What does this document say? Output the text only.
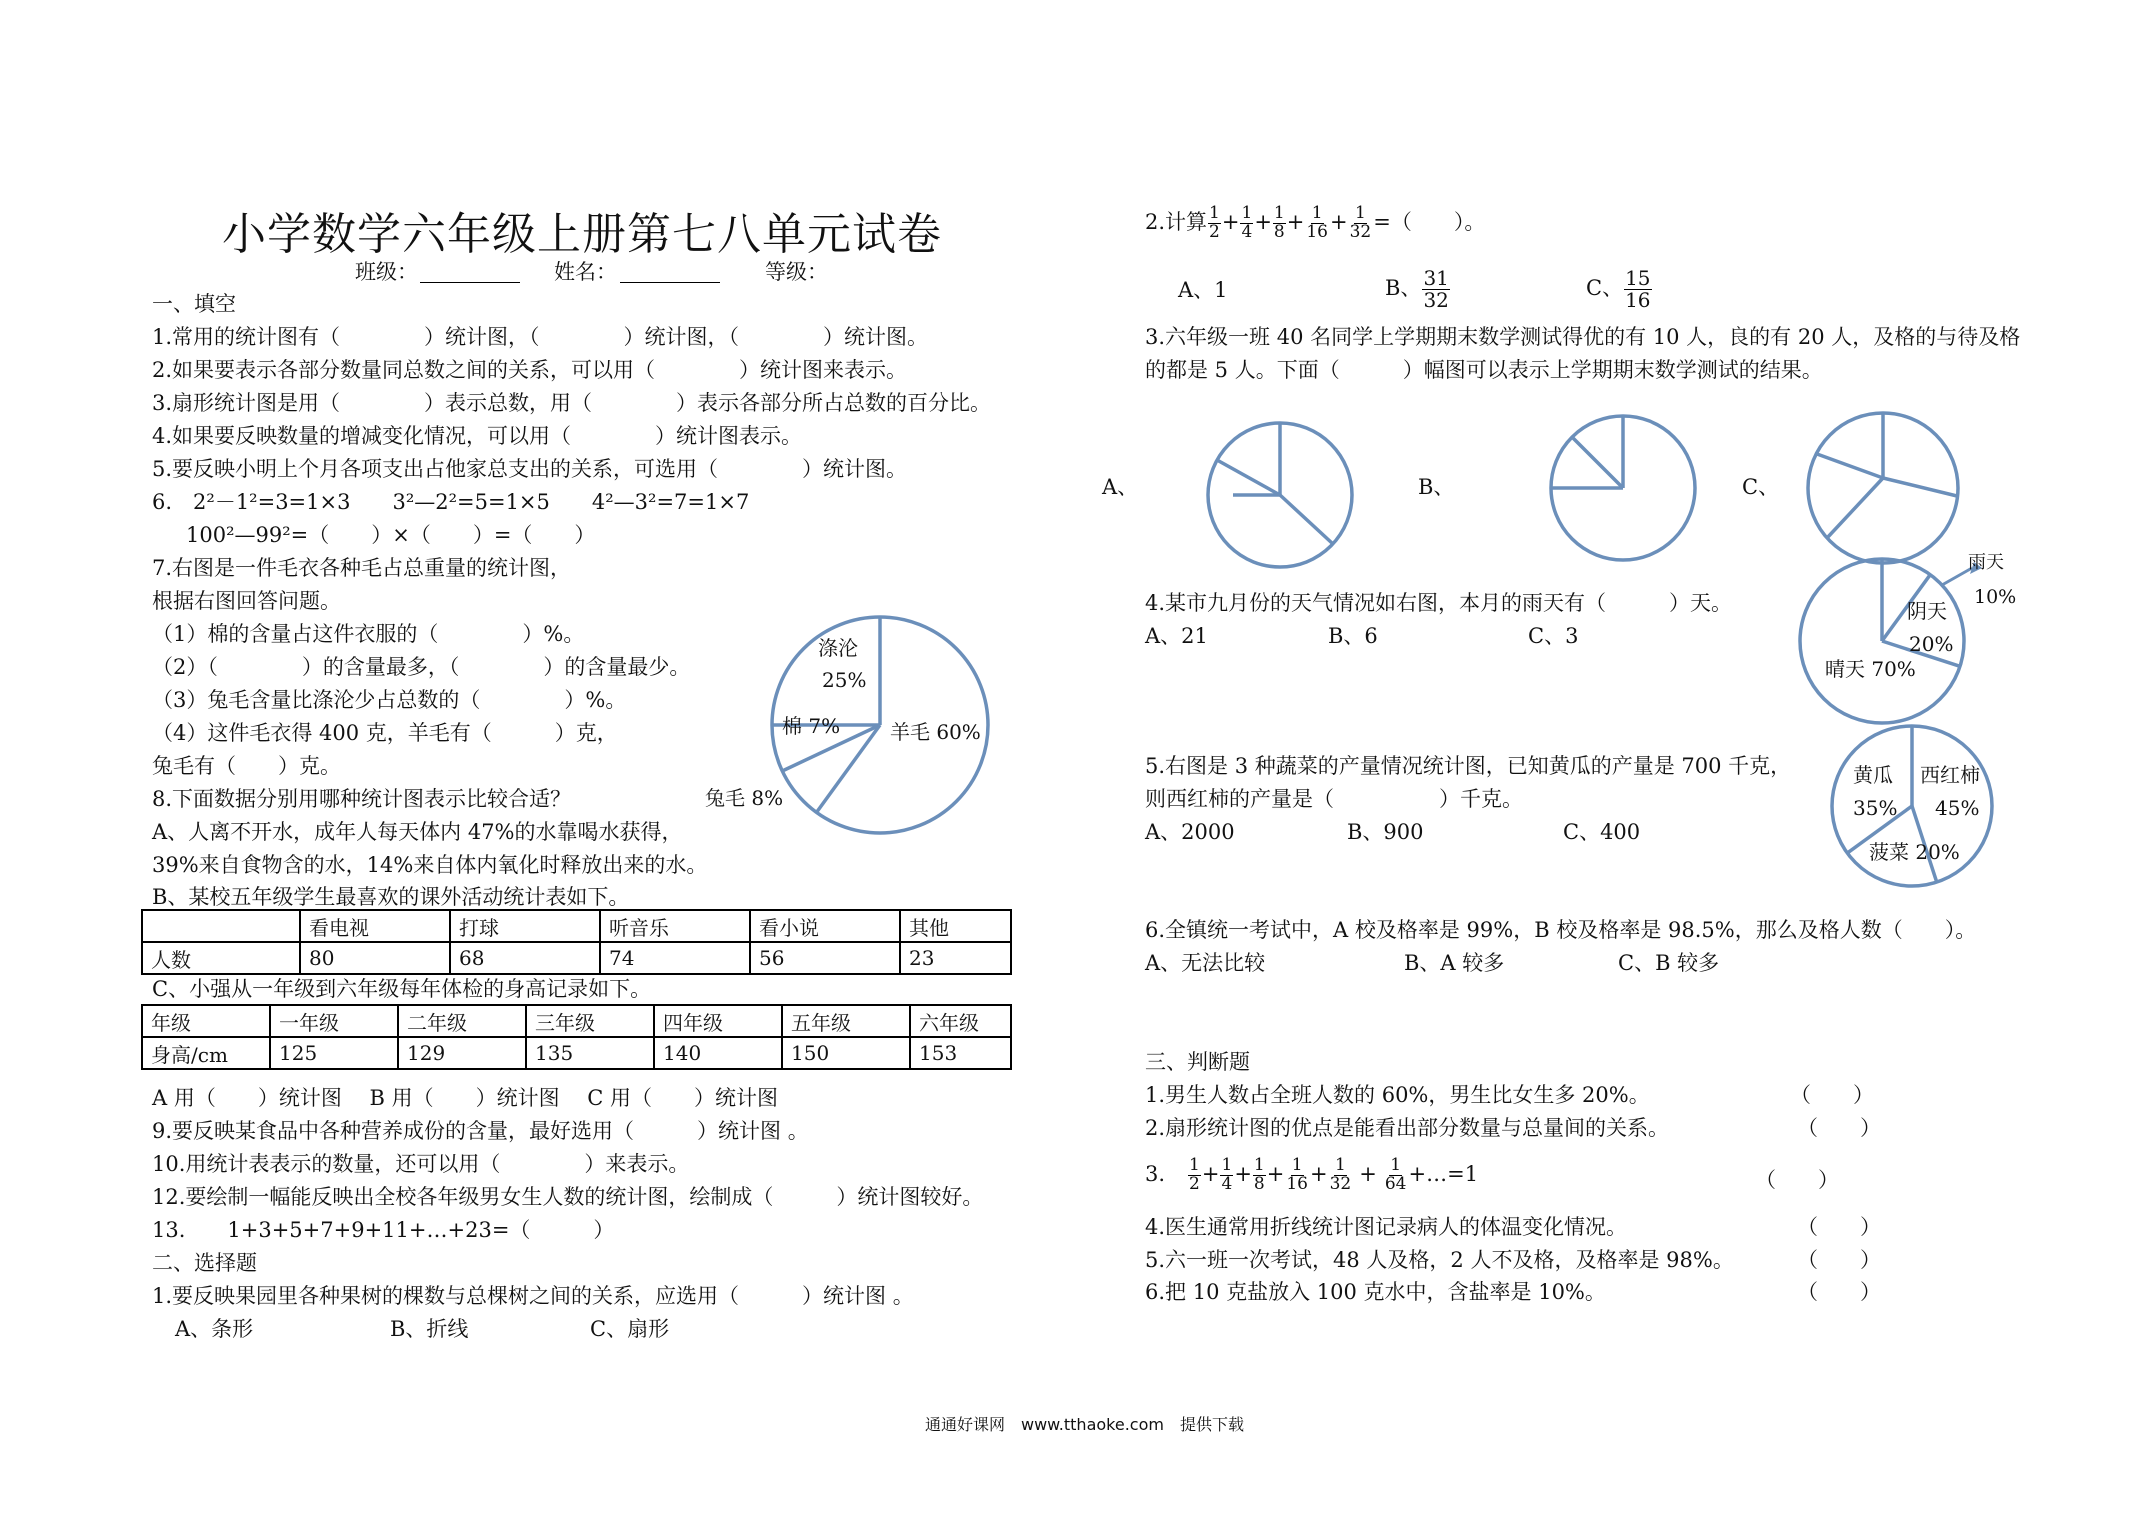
小学数学六年级上册第七八单元试卷
班级：	姓名：	等级：
一、填空
1.常用的统计图有（　　　　）统计图，（　　　　）统计图，（　　　　）统计图。
2.如果要表示各部分数量同总数之间的关系，可以用（　　　　）统计图来表示。
3.扇形统计图是用（　　　　）表示总数，用（　　　　）表示各部分所占总数的百分比。
4.如果要反映数量的增减变化情况，可以用（　　　　）统计图表示。
5.要反映小明上个月各项支出占他家总支出的关系，可选用（　　　　）统计图。
6.　2²－1²=3=1×3　　3²—2²=5=1×5　　4²—3²=7=1×7
100²—99²=（　　）×（　　）=（　　）
7.右图是一件毛衣各种毛占总重量的统计图，
根据右图回答问题。
（1）棉的含量占这件衣服的（　　　　）%。
（2）（　　　　）的含量最多，（　　　　）的含量最少。
（3）兔毛含量比涤沦少占总数的（　　　　）%。
（4）这件毛衣得 400 克，羊毛有（　　　）克，
兔毛有（　　）克。
8.下面数据分别用哪种统计图表示比较合适？
A、人离不开水，成年人每天体内 47%的水靠喝水获得，
39%来自食物含的水，14%来自体内氧化时释放出来的水。
B、某校五年级学生最喜欢的课外活动统计表如下。
涤沦
25%
棉 7% 羊毛 60%
兔毛 8%
	看电视	打球	听音乐	看小说	其他
人数	80	68	74	56	23
C、小强从一年级到六年级每年体检的身高记录如下。
年级	一年级	二年级	三年级	四年级	五年级	六年级
身高/cm	125	129	135	140	150	153
A 用（　　）统计图　 B 用（　　）统计图　 C 用（　　）统计图
9.要反映某食品中各种营养成份的含量，最好选用（　　　）统计图 。
10.用统计表表示的数量，还可以用（　　　　）来表示。
12.要绘制一幅能反映出全校各年级男女生人数的统计图，绘制成（　　　）统计图较好。
13.　　1+3+5+7+9+11+…+23=（　　　）
二、选择题
1.要反映果园里各种果树的棵数与总棵树之间的关系，应选用（　　　）统计图 。
A、条形	B、折线	C、扇形
2.计算 $\frac{1}{2} + \frac{1}{4} + \frac{1}{8} + \frac{1}{16} + \frac{1}{32}$ =（　　）。
A、1	B、 $\frac{31}{32}$	C、 $\frac{15}{16}$
3.六年级一班 40 名同学上学期期末数学测试得优的有 10 人，良的有 20 人，及格的与待及格
的都是 5 人。下面（　　　）幅图可以表示上学期期末数学测试的结果。
A、	B、	C、
4.某市九月份的天气情况如右图，本月的雨天有（　　　）天。
A、21	B、6	C、3
雨天
10%
阴天
20%
晴天 70%
5.右图是 3 种蔬菜的产量情况统计图，已知黄瓜的产量是 700 千克，
则西红柿的产量是（　　　　　）千克。
A、2000	B、900	C、400
黄瓜
35%
西红柿
45%
菠菜 20%
6.全镇统一考试中，A 校及格率是 99%，B 校及格率是 98.5%，那么及格人数（　　）。
A、无法比较	B、A 较多	C、B 较多
三、判断题
1.男生人数占全班人数的 60%，男生比女生多 20%。	（　　）
2.扇形统计图的优点是能看出部分数量与总量间的关系。	（　　）
3. $\frac{1}{2} + \frac{1}{4} + \frac{1}{8} + \frac{1}{16} + \frac{1}{32} + \frac{1}{64}$ +…=1	（　　）
4.医生通常用折线统计图记录病人的体温变化情况。	（　　）
5.六一班一次考试，48 人及格，2 人不及格，及格率是 98%。	（　　）
6.把 10 克盐放入 100 克水中，含盐率是 10%。	（　　）
通通好课网　www.tthaoke.com　提供下载
